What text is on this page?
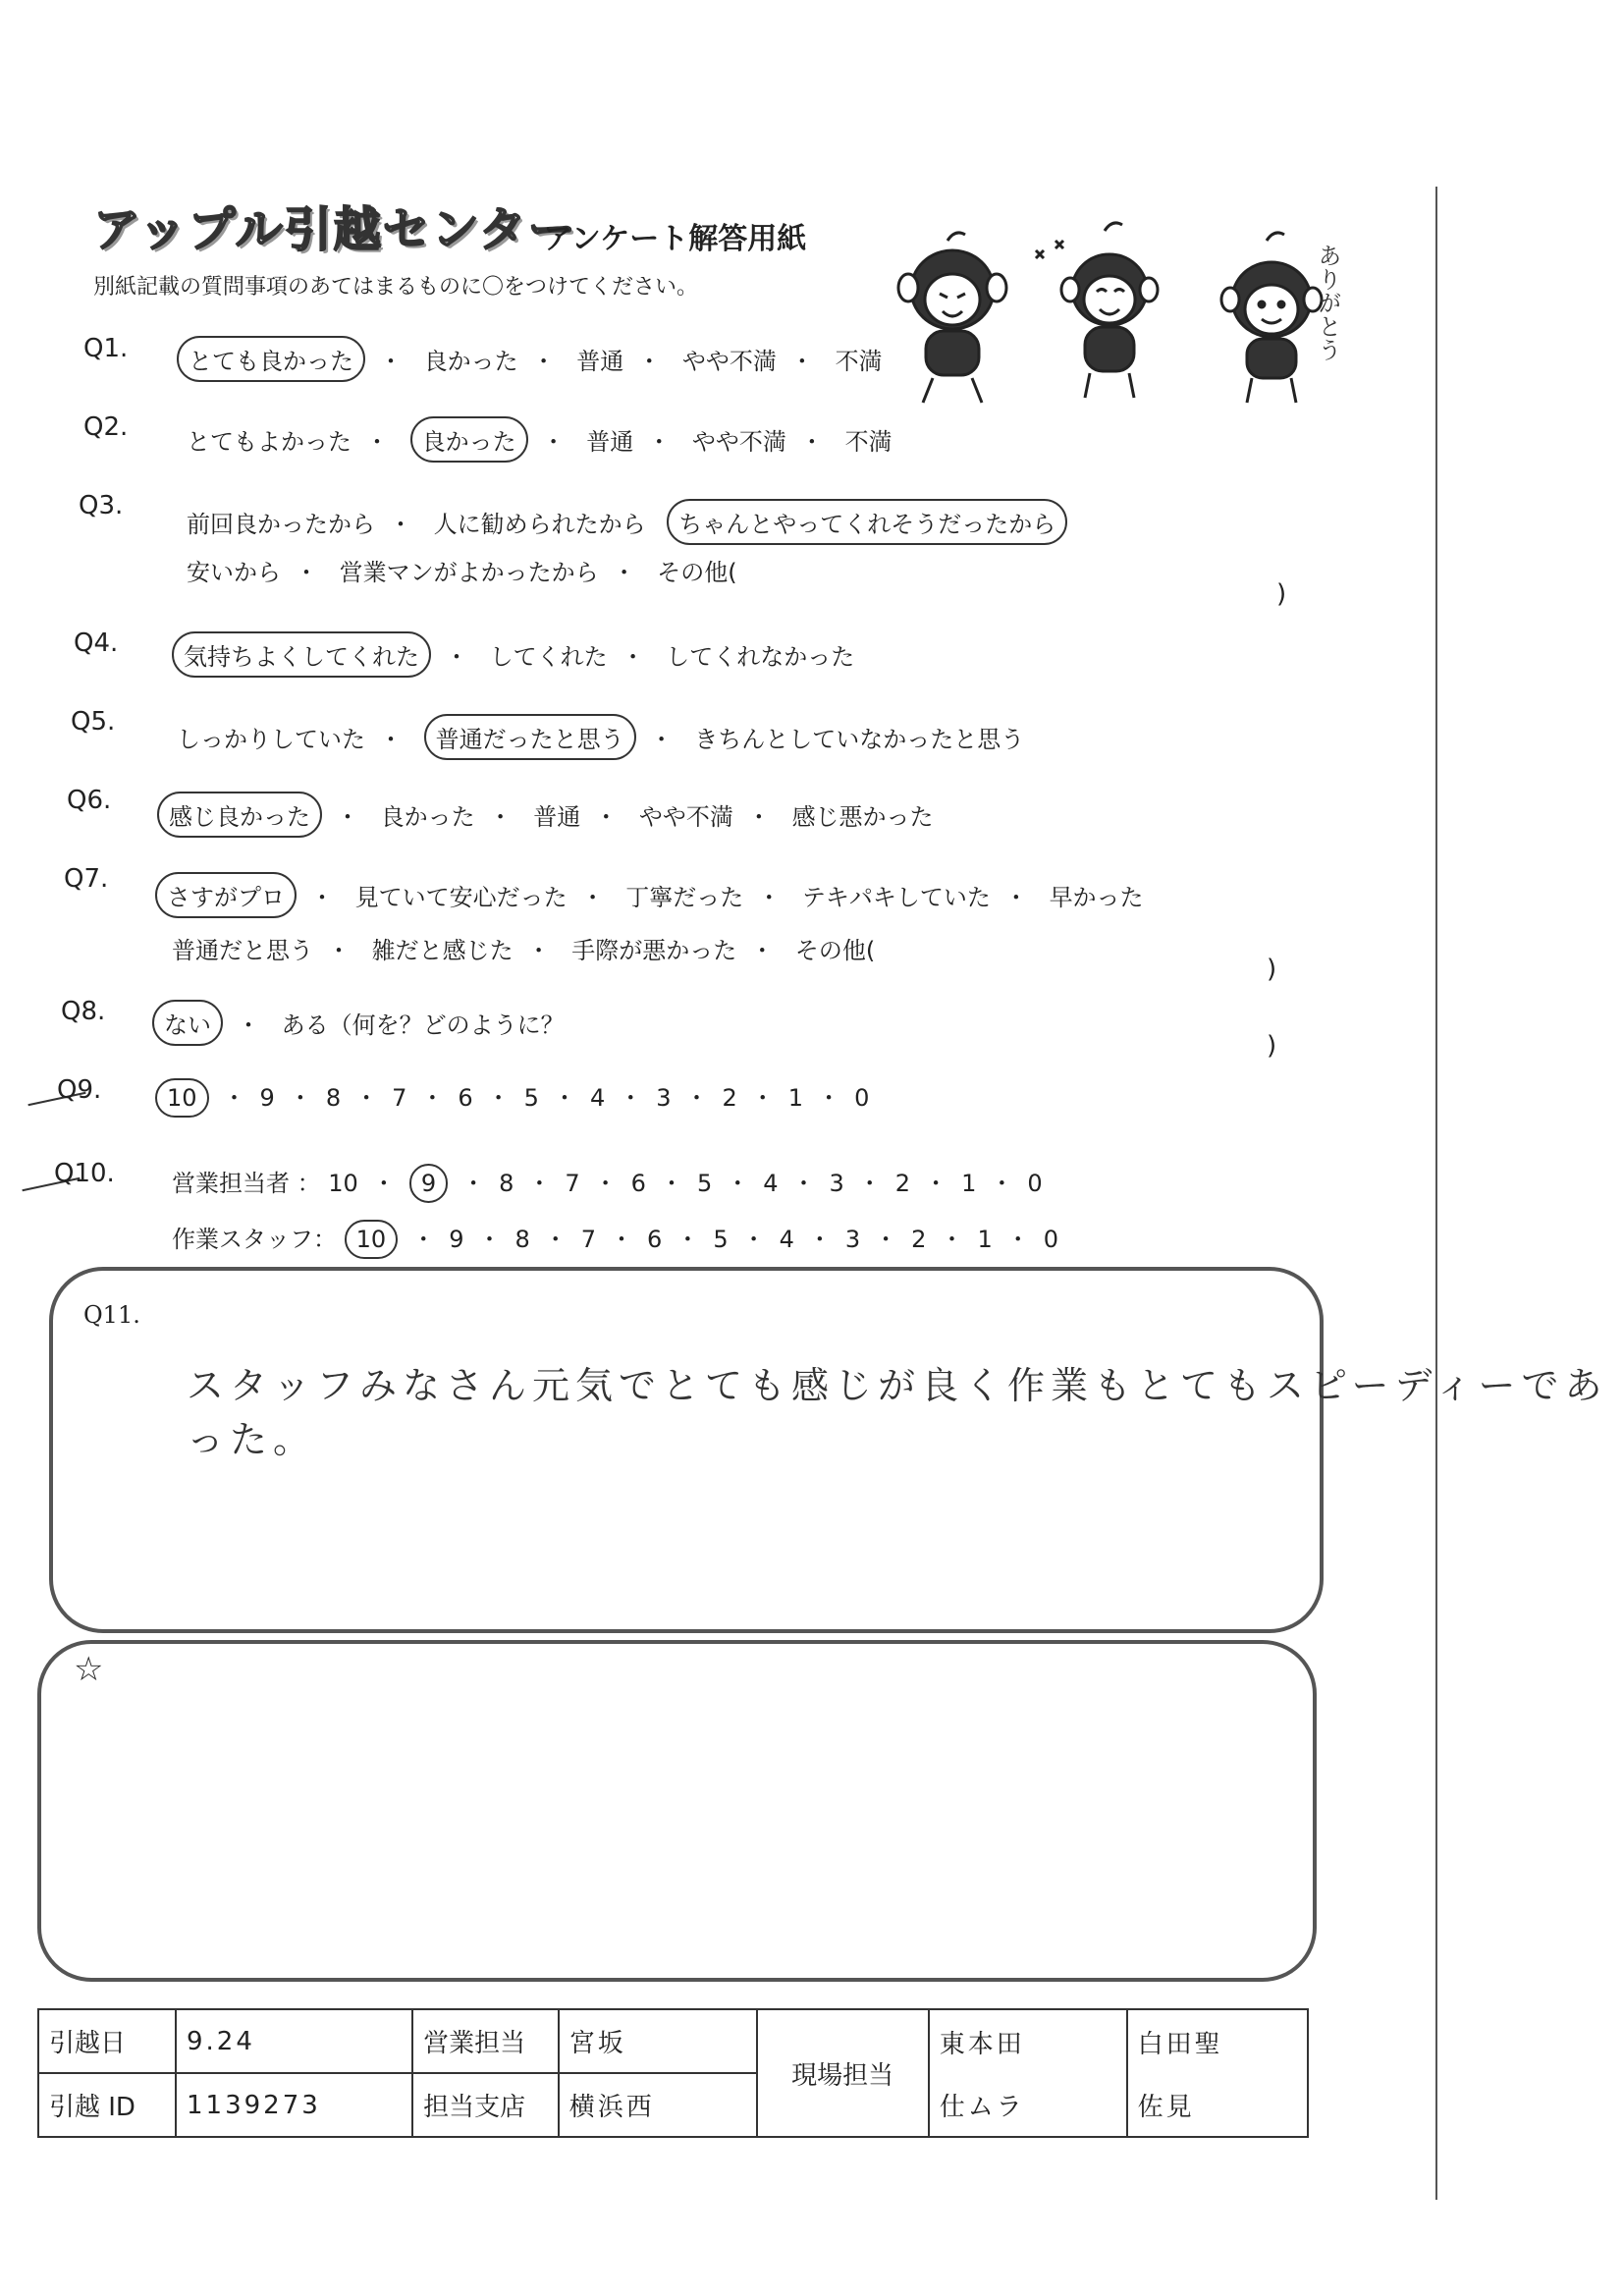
アップル引越センター
アンケート解答用紙
別紙記載の質問事項のあてはまるものに〇をつけてください。	ありがとう
Q1.	とても良かった ・ 良かった ・ 普通 ・ やや不満 ・ 不満
Q2. とてもよかった ・ 良かった ・ 普通 ・ やや不満 ・ 不満
Q3.
前回良かったから ・ 人に勧められたから ちゃんとやってくれそうだったから
安いから ・ 営業マンがよかったから ・ その他(
)
Q4.	気持ちよくしてくれた ・ してくれた ・ してくれなかった
Q5.
しっかりしていた ・ 普通だったと思う ・ きちんとしていなかったと思う
Q6.
感じ良かった ・ 良かった ・ 普通 ・ やや不満 ・ 感じ悪かった
Q7.
さすがプロ ・ 見ていて安心だった ・ 丁寧だった ・ テキパキしていた ・ 早かった
普通だと思う ・ 雑だと感じた ・ 手際が悪かった ・ その他(
)
Q8.	ない ・ ある（何を？どのように？
)
Q9.	10 ・ 9 ・ 8 ・ 7 ・ 6 ・ 5 ・ 4 ・ 3 ・ 2 ・ 1 ・ 0
Q10. 営業担当者 ： 10 ・ 9 ・ 8 ・ 7 ・ 6 ・ 5 ・ 4 ・ 3 ・ 2 ・ 1 ・ 0
作業スタッフ： 10 ・ 9 ・ 8 ・ 7 ・ 6 ・ 5 ・ 4 ・ 3 ・ 2 ・ 1 ・ 0
Q11.
スタッフみなさん元気でとても感じが良く作業もとてもスピーディーであった。
☆
引越日	9.24	営業担当	宮坂	現場担当	東本田	白田聖
引越 ID	1139273	担当支店	横浜西		仕ムラ	佐見
